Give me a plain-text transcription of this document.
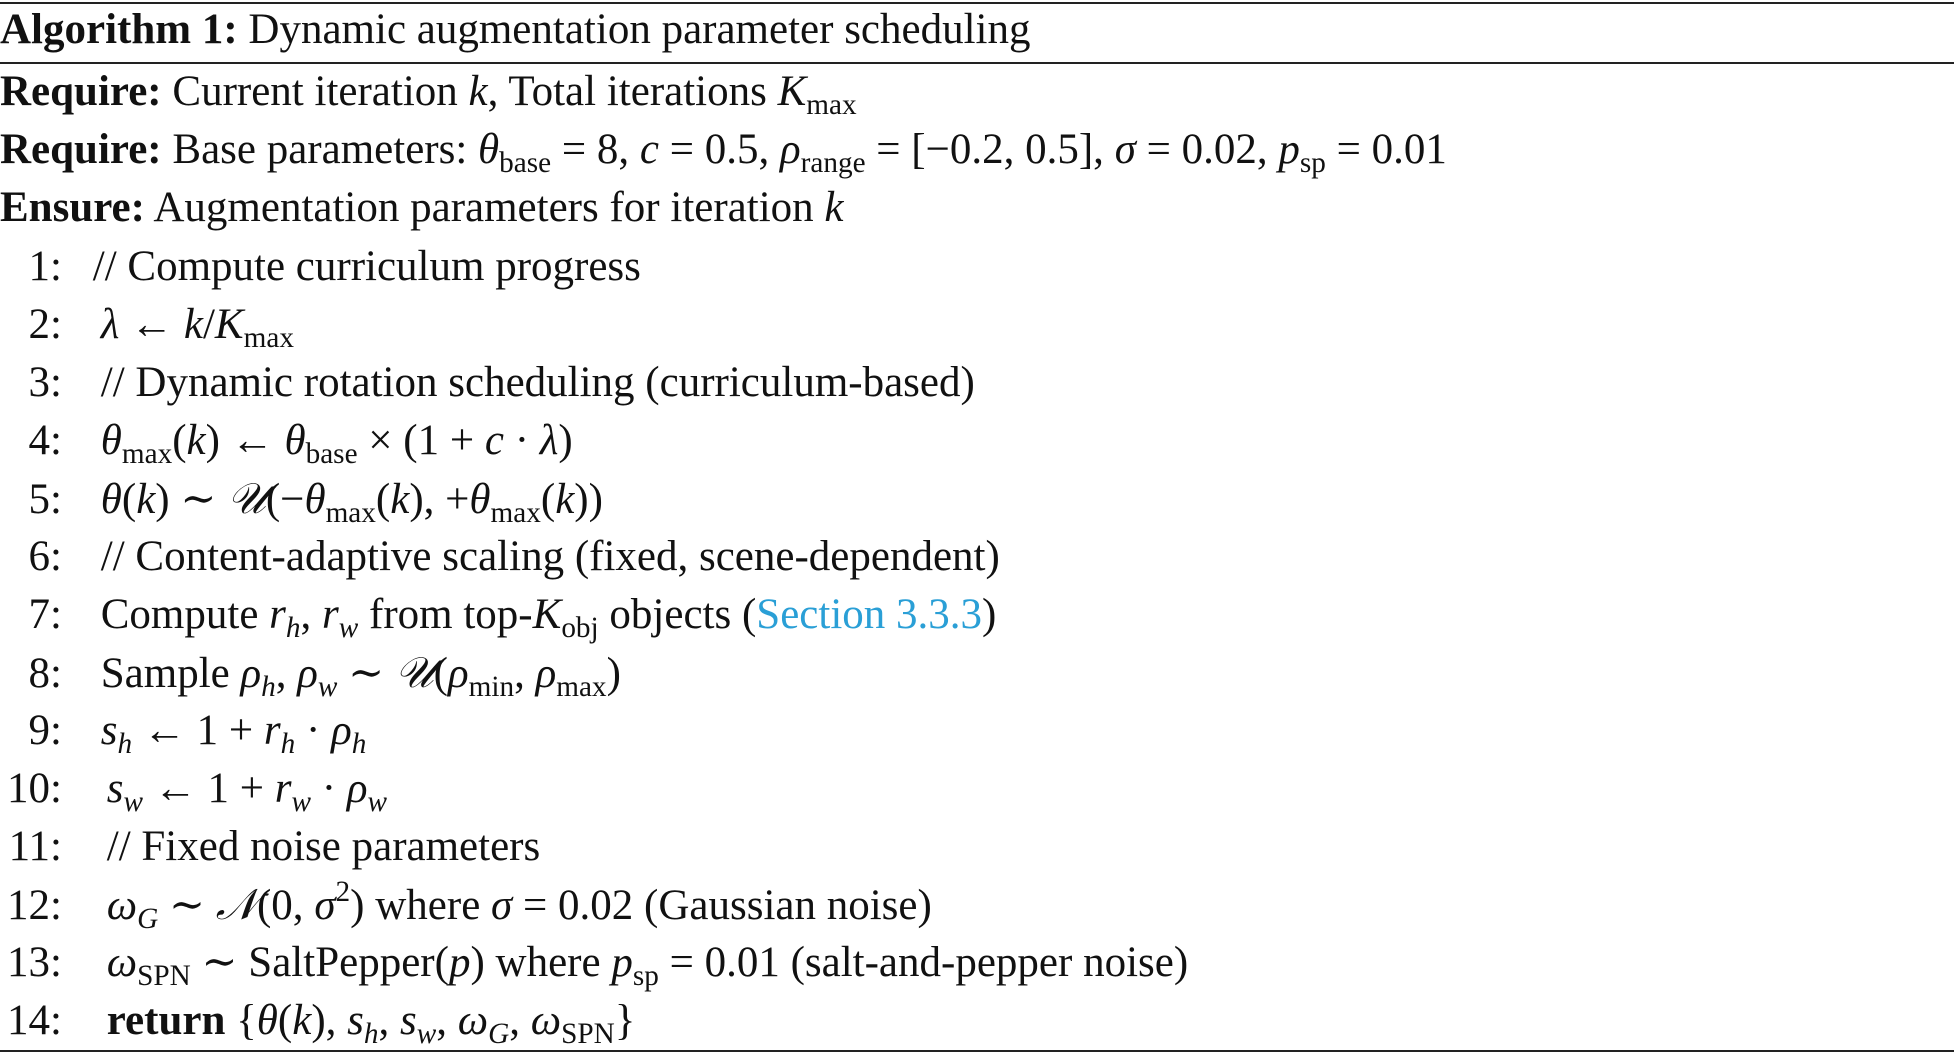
Algorithm 1: Dynamic augmentation parameter scheduling
Require: Current iteration k, Total iterations $K_{max}$
Require: Base parameters: $\theta_{base} = 8$, c = 0.5, $\rho_{range} = [-0.2$, 0.5], σ = 0.02, $p_{sp} = 0.01$
Ensure: Augmentation parameters for iteration k
1: // Compute curriculum progress
2: λ ← $k/K_{max}$
3: // Dynamic rotation scheduling (curriculum-based)
4: $\theta_{max}(k)$ ← $\theta_{base} \times (1 + c \cdot \lambda)$
5: θ(k) ∼ $𝒰(-\theta_{max}(k)$, $+\theta_{max}(k)$)
6: // Content-adaptive scaling (fixed, scene-dependent)
7: Compute $r_h$, $r_w$ from top-$K_{obj}$ objects (Section 3.3.3)
8: Sample $\rho_h$, $\rho_w$ ∼ $𝒰(\rho_{min}$, $\rho_{max}$)
9: $s_h$ ← $1 + r_h \cdot \rho_h$
10: $s_w$ ← $1 + r_w \cdot \rho_w$
11: // Fixed noise parameters
12: $\omega_G$ ∼ 𝒩(0, $\sigma^2$) where σ = 0.02 (Gaussian noise)
13: $\omega_{SPN}$ ∼ SaltPepper(p) where $p_{sp} = 0.01$ (salt-and-pepper noise)
14: return {θ(k), $s_h$, $s_w$, $\omega_G$, $\omega_{SPN}$}
